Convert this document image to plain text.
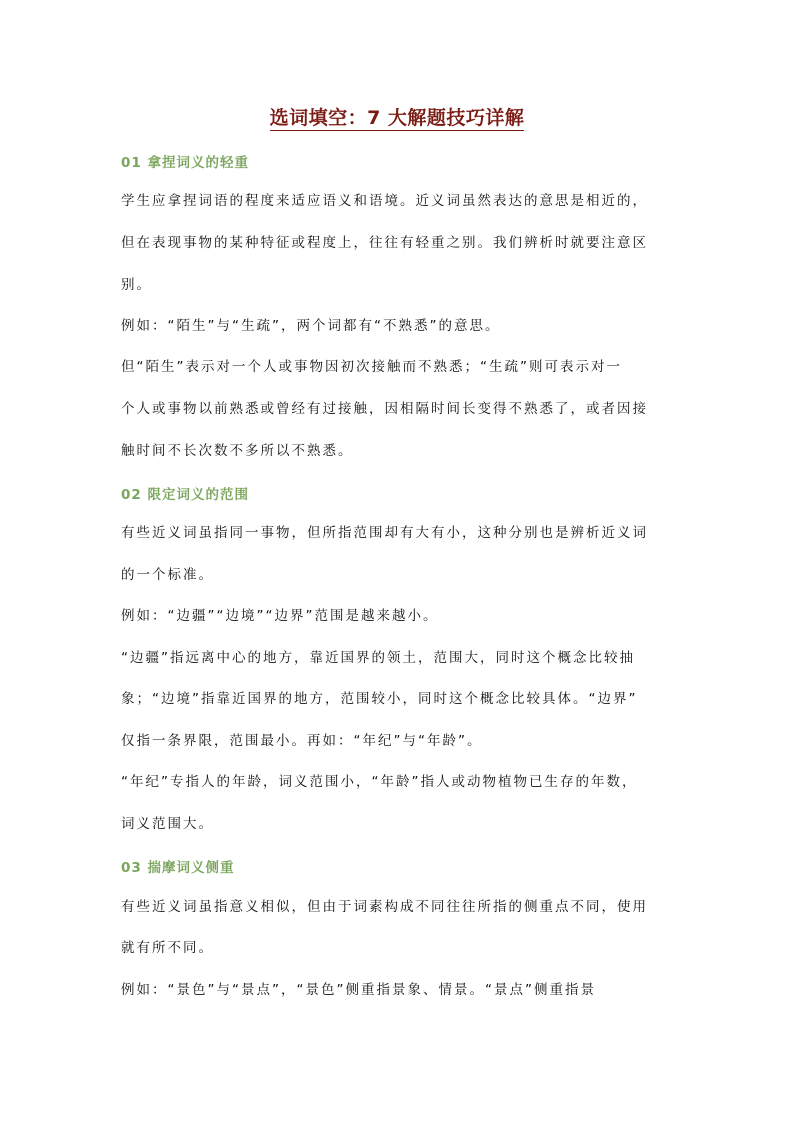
选词填空：7 大解题技巧详解
01 拿捏词义的轻重

学生应拿捏词语的程度来适应语义和语境。近义词虽然表达的意思是相近的，

但在表现事物的某种特征或程度上，往往有轻重之别。我们辨析时就要注意区

别。

例如：“陌生”与“生疏”，两个词都有“不熟悉”的意思。

但“陌生”表示对一个人或事物因初次接触而不熟悉；“生疏”则可表示对一

个人或事物以前熟悉或曾经有过接触，因相隔时间长变得不熟悉了，或者因接

触时间不长次数不多所以不熟悉。

02 限定词义的范围

有些近义词虽指同一事物，但所指范围却有大有小，这种分别也是辨析近义词

的一个标准。

例如：“边疆”“边境”“边界”范围是越来越小。

“边疆”指远离中心的地方，靠近国界的领土，范围大，同时这个概念比较抽

象；“边境”指靠近国界的地方，范围较小，同时这个概念比较具体。“边界”

仅指一条界限，范围最小。再如：“年纪”与“年龄”。

“年纪”专指人的年龄，词义范围小，“年龄”指人或动物植物已生存的年数，

词义范围大。

03 揣摩词义侧重

有些近义词虽指意义相似，但由于词素构成不同往往所指的侧重点不同，使用

就有所不同。

例如：“景色”与“景点”，“景色”侧重指景象、情景。“景点”侧重指景
